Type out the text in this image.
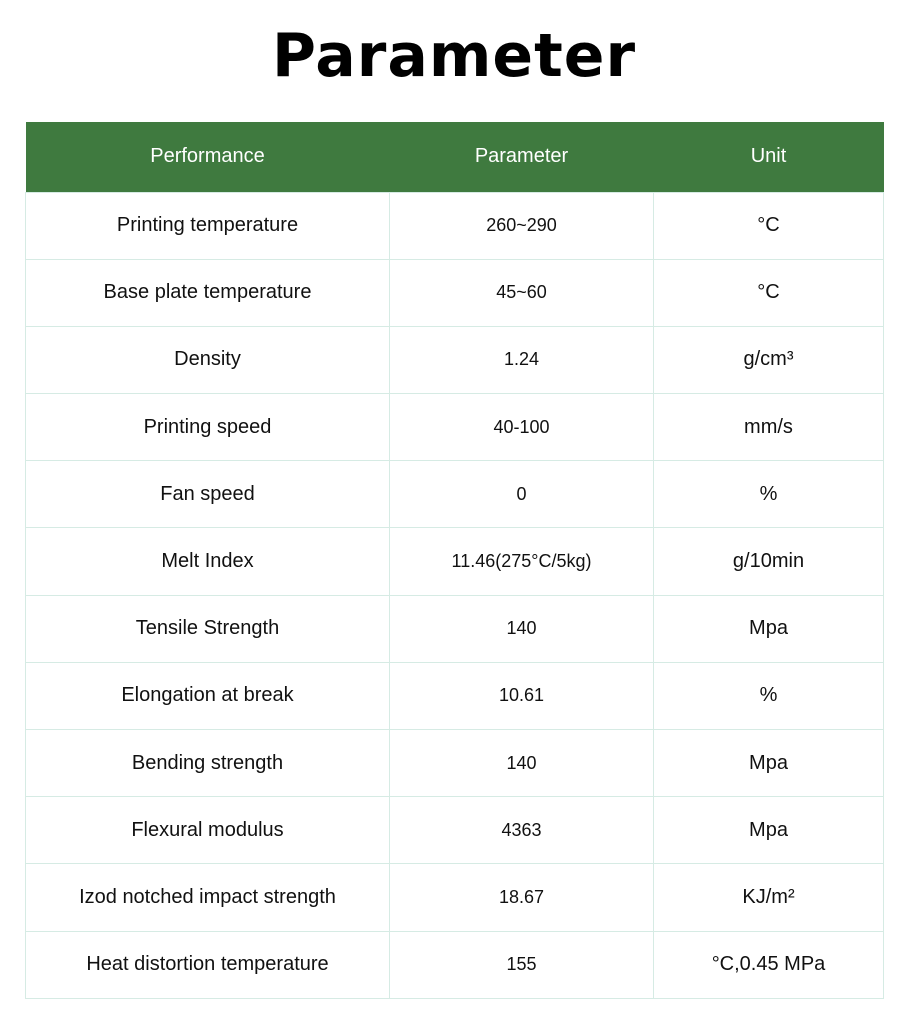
Parameter
Performance	Parameter	Unit
Printing temperature	260~290	°C
Base plate temperature	45~60	°C
Density	1.24	g/cm³
Printing speed	40-100	mm/s
Fan speed	0	%
Melt Index	11.46(275°C/5kg)	g/10min
Tensile Strength	140	Mpa
Elongation at break	10.61	%
Bending strength	140	Mpa
Flexural modulus	4363	Mpa
Izod notched impact strength	18.67	KJ/m²
Heat distortion temperature	155	°C,0.45 MPa
